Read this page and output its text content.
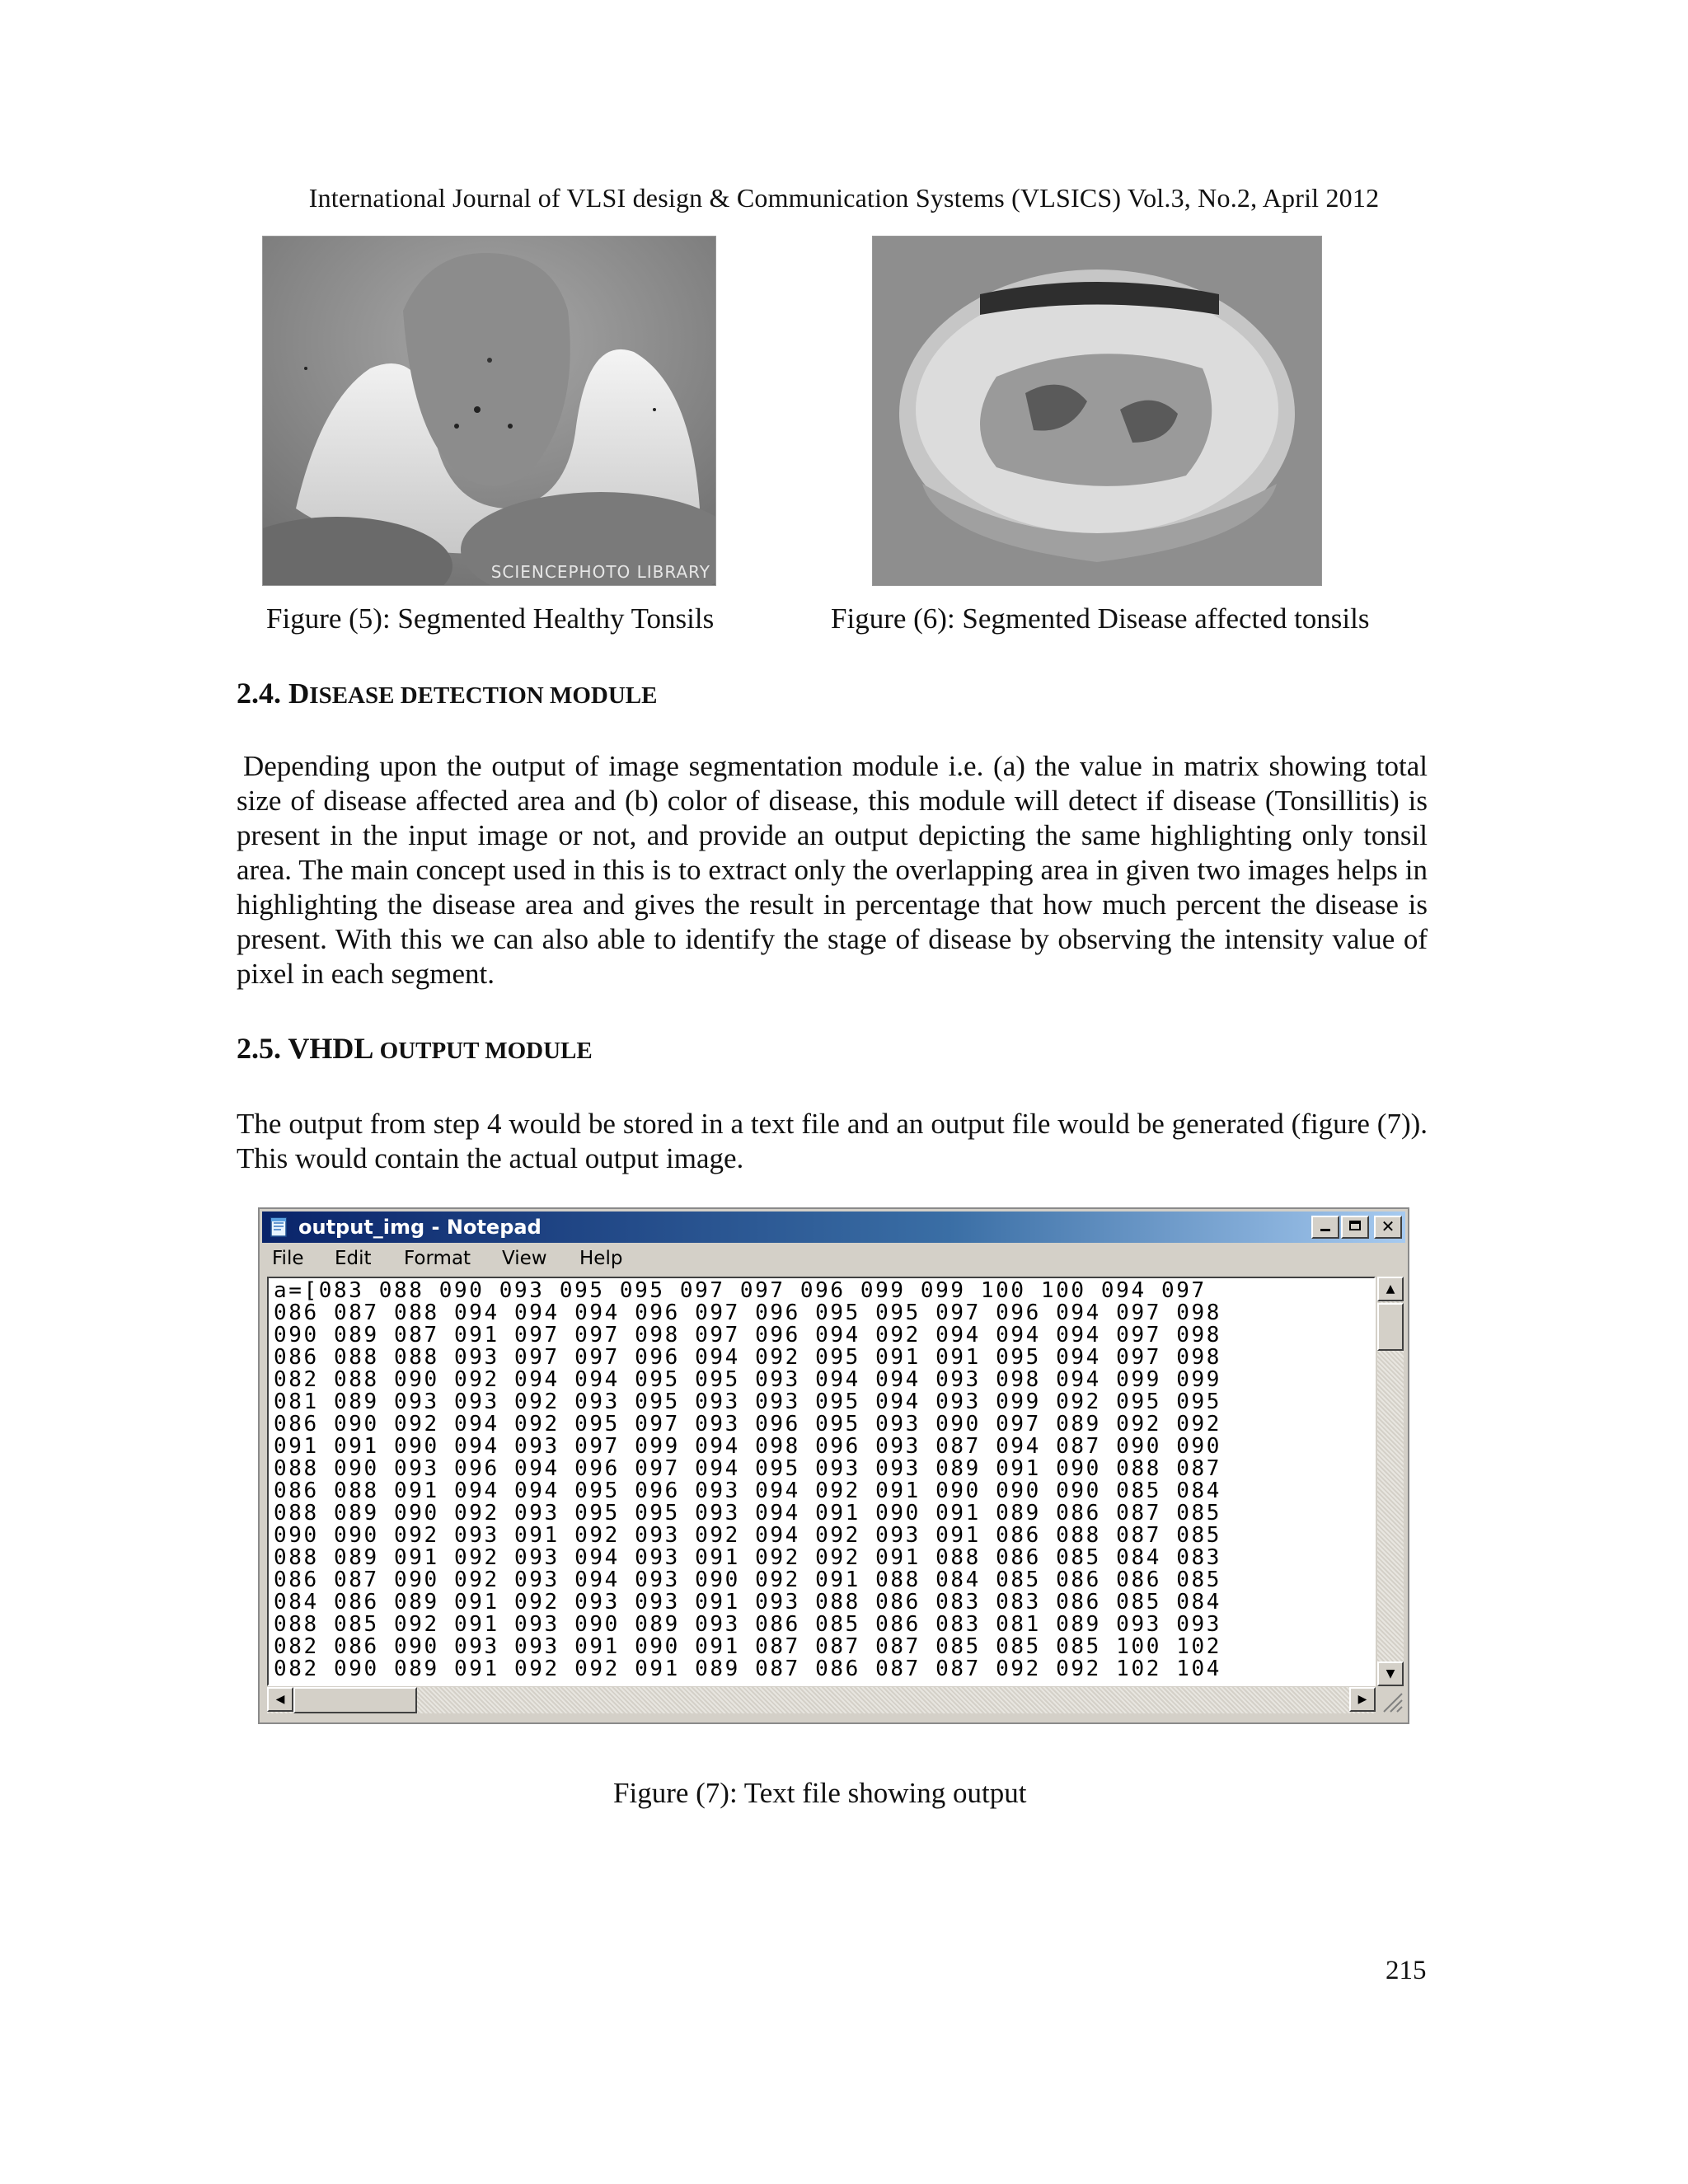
International Journal of VLSI design & Communication Systems (VLSICS) Vol.3, No.2, April 2012
SCIENCEPHOTO LIBRARY
Figure (5): Segmented Healthy Tonsils	Figure (6): Segmented Disease affected tonsils
2.4. DISEASE DETECTION MODULE
Depending upon the output of image segmentation module i.e. (a) the value in matrix showing total size of disease affected area and (b) color of disease, this module will detect if disease (Tonsillitis) is present in the input image or not, and provide an output depicting the same highlighting only tonsil area. The main concept used in this is to extract only the overlapping area in given two images helps in highlighting the disease area and gives the result in percentage that how much percent the disease is present. With this we can also able to identify the stage of disease by observing the intensity value of pixel in each segment.
2.5. VHDL OUTPUT MODULE
The output from step 4 would be stored in a text file and an output file would be generated (figure (7)). This would contain the actual output image.
output_img - Notepad	✕
File Edit Format View Help
a=[083 088 090 093 095 095 097 097 096 099 099 100 100 094 097
086 087 088 094 094 094 096 097 096 095 095 097 096 094 097 098
090 089 087 091 097 097 098 097 096 094 092 094 094 094 097 098
086 088 088 093 097 097 096 094 092 095 091 091 095 094 097 098
082 088 090 092 094 094 095 095 093 094 094 093 098 094 099 099
081 089 093 093 092 093 095 093 093 095 094 093 099 092 095 095
086 090 092 094 092 095 097 093 096 095 093 090 097 089 092 092
091 091 090 094 093 097 099 094 098 096 093 087 094 087 090 090
088 090 093 096 094 096 097 094 095 093 093 089 091 090 088 087
086 088 091 094 094 095 096 093 094 092 091 090 090 090 085 084
088 089 090 092 093 095 095 093 094 091 090 091 089 086 087 085
090 090 092 093 091 092 093 092 094 092 093 091 086 088 087 085
088 089 091 092 093 094 093 091 092 092 091 088 086 085 084 083
086 087 090 092 093 094 093 090 092 091 088 084 085 086 086 085
084 086 089 091 092 093 093 091 093 088 086 083 083 086 085 084
088 085 092 091 093 090 089 093 086 085 086 083 081 089 093 093
082 086 090 093 093 091 090 091 087 087 087 085 085 085 100 102
082 090 089 091 092 092 091 089 087 086 087 087 092 092 102 104
▲
▼
◀	▶
Figure (7): Text file showing output
215
